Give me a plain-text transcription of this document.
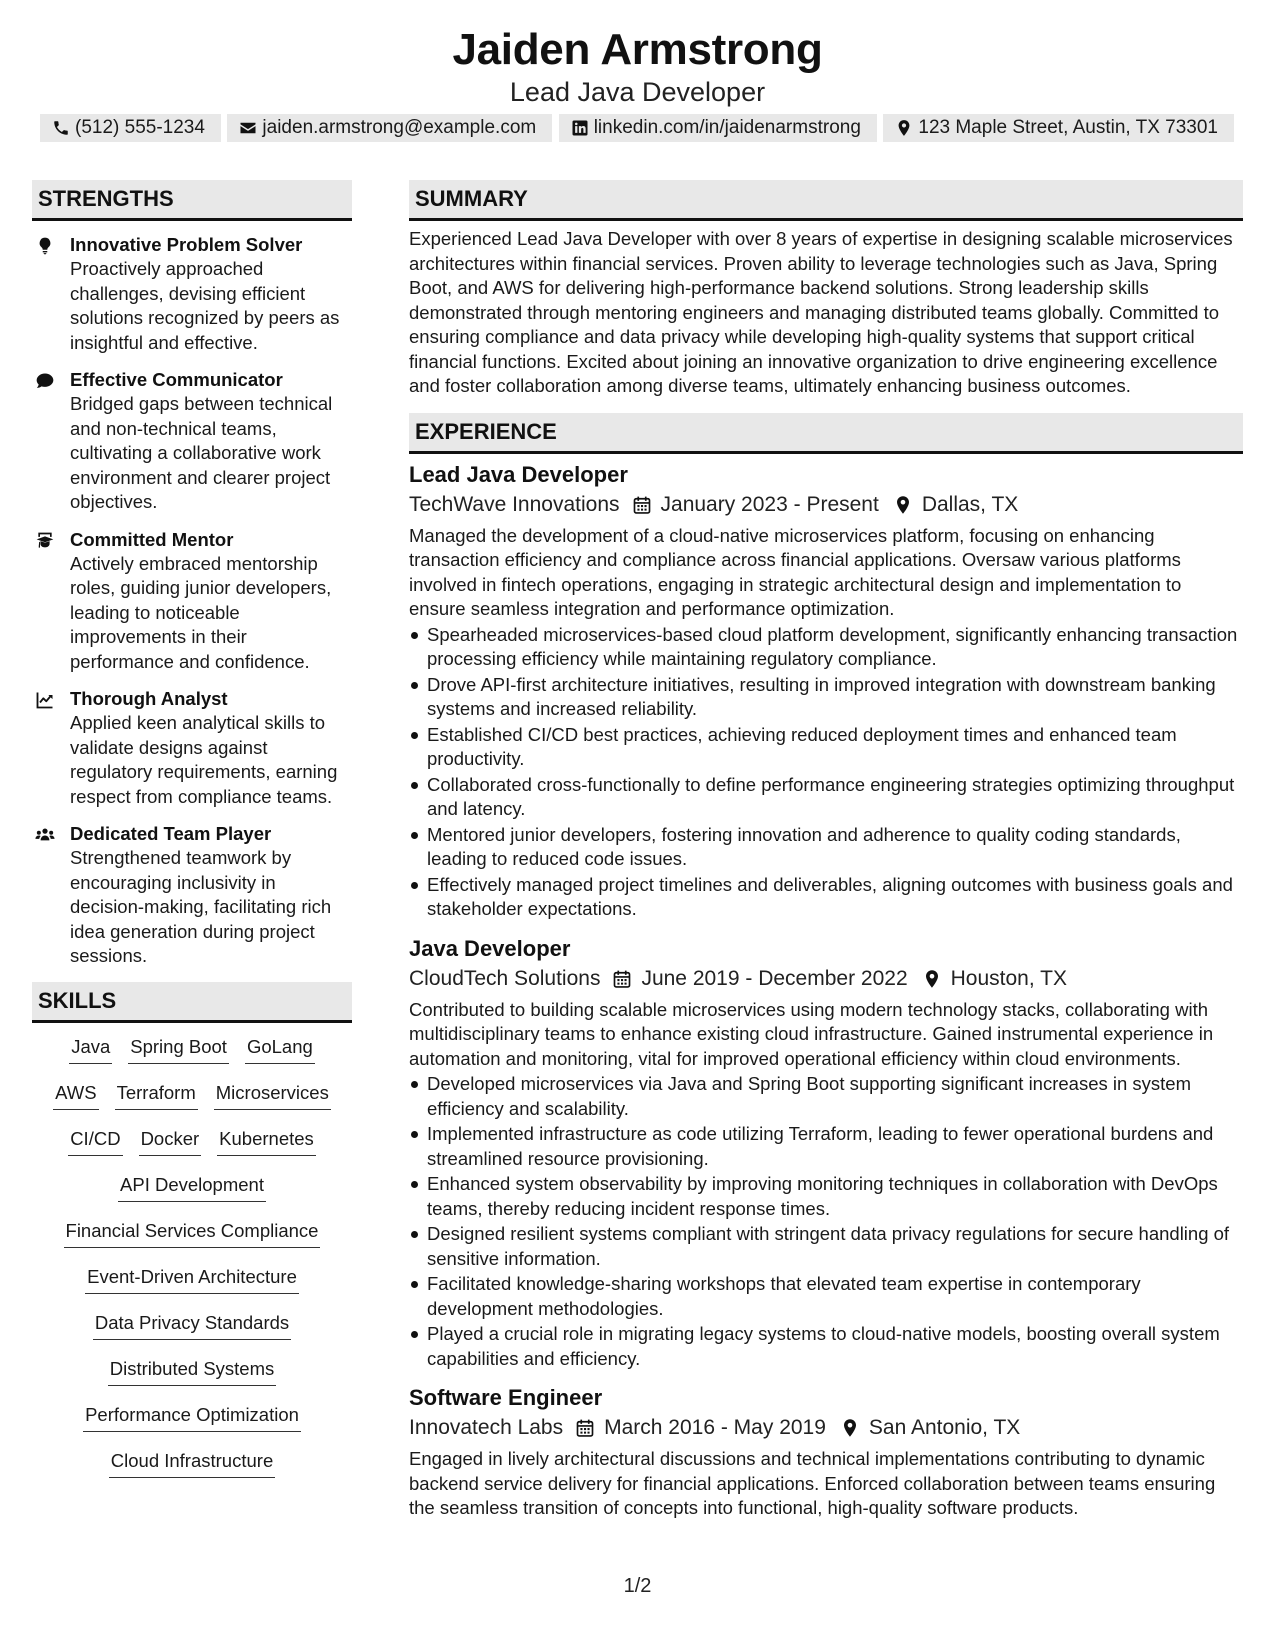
Jaiden Armstrong
Lead Java Developer
(512) 555-1234	jaiden.armstrong@example.com	linkedin.com/in/jaidenarmstrong	123 Maple Street, Austin, TX 73301
STRENGTHS
Innovative Problem Solver
Proactively approached challenges, devising efficient solutions recognized by peers as insightful and effective.
Effective Communicator
Bridged gaps between technical and non-technical teams, cultivating a collaborative work environment and clearer project objectives.
Committed Mentor
Actively embraced mentorship roles, guiding junior developers, leading to noticeable improvements in their performance and confidence.
Thorough Analyst
Applied keen analytical skills to validate designs against regulatory requirements, earning respect from compliance teams.
Dedicated Team Player
Strengthened teamwork by encouraging inclusivity in decision-making, facilitating rich idea generation during project sessions.
SKILLS
Java Spring Boot GoLang
AWS Terraform Microservices
CI/CD Docker Kubernetes
API Development
Financial Services Compliance
Event-Driven Architecture
Data Privacy Standards
Distributed Systems
Performance Optimization
Cloud Infrastructure
SUMMARY

Experienced Lead Java Developer with over 8 years of expertise in designing scalable microservices architectures within financial services. Proven ability to leverage technologies such as Java, Spring Boot, and AWS for delivering high-performance backend solutions. Strong leadership skills demonstrated through mentoring engineers and managing distributed teams globally. Committed to ensuring compliance and data privacy while developing high-quality systems that support critical financial functions. Excited about joining an innovative organization to drive engineering excellence and foster collaboration among diverse teams, ultimately enhancing business outcomes.

EXPERIENCE
Lead Java Developer
TechWave Innovations January 2023 - Present Dallas, TX

Managed the development of a cloud-native microservices platform, focusing on enhancing transaction efficiency and compliance across financial applications. Oversaw various platforms involved in fintech operations, engaging in strategic architectural design and implementation to ensure seamless integration and performance optimization.

Spearheaded microservices-based cloud platform development, significantly enhancing transaction processing efficiency while maintaining regulatory compliance.
Drove API-first architecture initiatives, resulting in improved integration with downstream banking systems and increased reliability.
Established CI/CD best practices, achieving reduced deployment times and enhanced team productivity.
Collaborated cross-functionally to define performance engineering strategies optimizing throughput and latency.
Mentored junior developers, fostering innovation and adherence to quality coding standards, leading to reduced code issues.
Effectively managed project timelines and deliverables, aligning outcomes with business goals and stakeholder expectations.
Java Developer
CloudTech Solutions June 2019 - December 2022 Houston, TX

Contributed to building scalable microservices using modern technology stacks, collaborating with multidisciplinary teams to enhance existing cloud infrastructure. Gained instrumental experience in automation and monitoring, vital for improved operational efficiency within cloud environments.

Developed microservices via Java and Spring Boot supporting significant increases in system efficiency and scalability.
Implemented infrastructure as code utilizing Terraform, leading to fewer operational burdens and streamlined resource provisioning.
Enhanced system observability by improving monitoring techniques in collaboration with DevOps teams, thereby reducing incident response times.
Designed resilient systems compliant with stringent data privacy regulations for secure handling of sensitive information.
Facilitated knowledge-sharing workshops that elevated team expertise in contemporary development methodologies.
Played a crucial role in migrating legacy systems to cloud-native models, boosting overall system capabilities and efficiency.
Software Engineer
Innovatech Labs March 2016 - May 2019 San Antonio, TX

Engaged in lively architectural discussions and technical implementations contributing to dynamic backend service delivery for financial applications. Enforced collaboration between teams ensuring the seamless transition of concepts into functional, high-quality software products.

1/2
